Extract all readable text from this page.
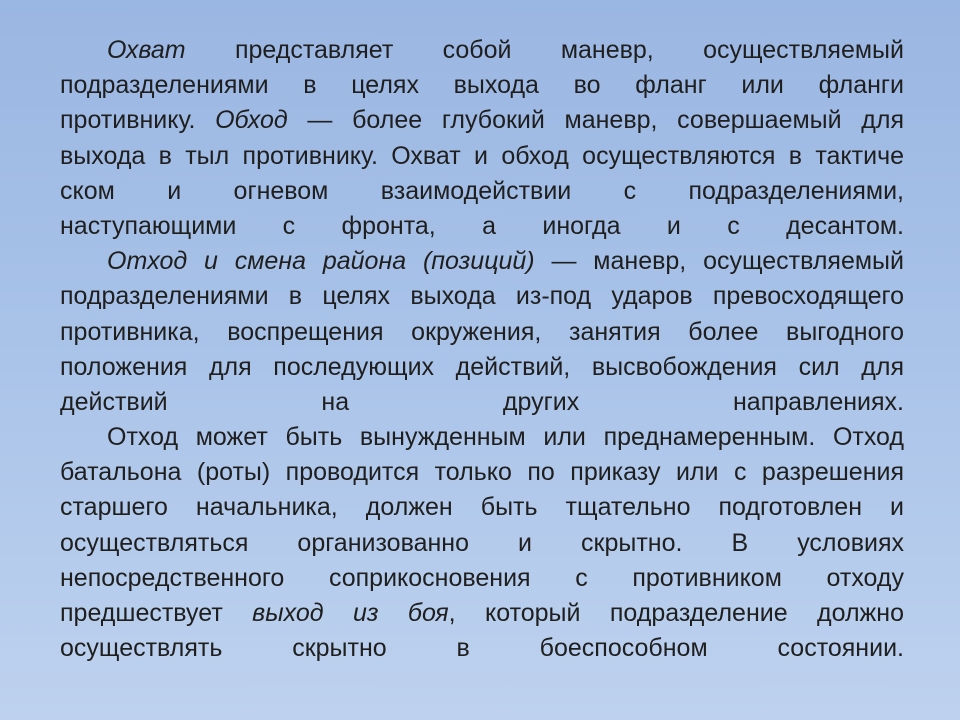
Охват представляет собой маневр, осуществляемый
подразделениями в целях выхода во фланг или фланги
противнику. Обход — более глубокий маневр, совершаемый для
выхода в тыл противнику. Охват и обход осуществляются в тактиче
ском и огневом взаимодействии с подразделениями,
наступающими с фронта, а иногда и с десантом.
Отход и смена района (позиций) — маневр, осуществляемый
подразделениями в целях выхода из-под ударов превосходящего
противника, воспрещения окружения, занятия более выгодного
положения для последующих действий, высвобождения сил для
действий на других направлениях.
Отход может быть вынужденным или преднамеренным. Отход
батальона (роты) проводится только по приказу или с разрешения
старшего начальника, должен быть тщательно подготовлен и
осуществляться организованно и скрытно. В условиях
непосредственного соприкосновения с противником отходу
предшествует выход из боя, который подразделение должно
осуществлять скрытно в боеспособном состоянии.
